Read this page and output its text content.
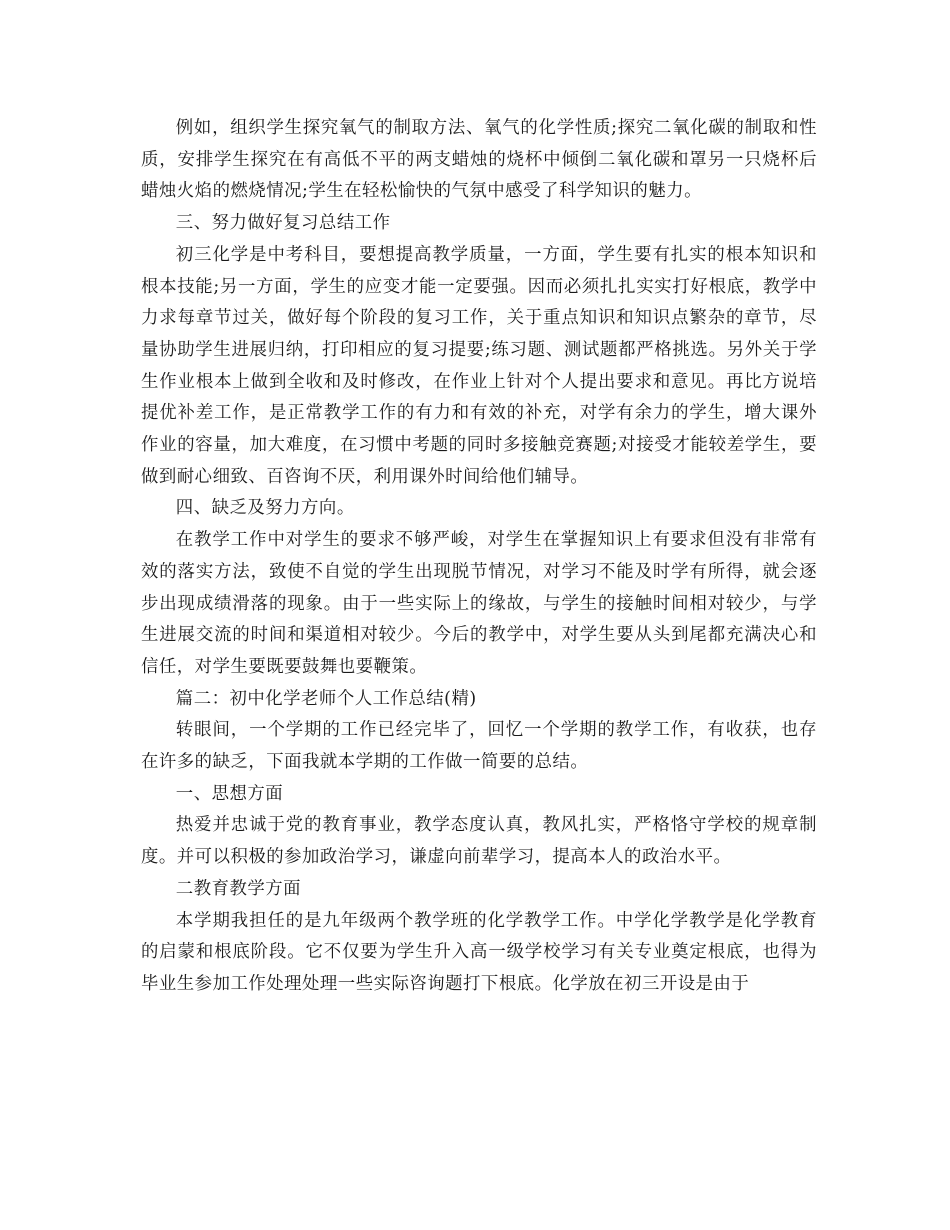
例如，组织学生探究氧气的制取方法、氧气的化学性质;探究二氧化碳的制取和性质，安排学生探究在有高低不平的两支蜡烛的烧杯中倾倒二氧化碳和罩另一只烧杯后蜡烛火焰的燃烧情况;学生在轻松愉快的气氛中感受了科学知识的魅力。

三、努力做好复习总结工作

初三化学是中考科目，要想提高教学质量，一方面，学生要有扎实的根本知识和根本技能;另一方面，学生的应变才能一定要强。因而必须扎扎实实打好根底，教学中力求每章节过关，做好每个阶段的复习工作，关于重点知识和知识点繁杂的章节，尽量协助学生进展归纳，打印相应的复习提要;练习题、测试题都严格挑选。另外关于学生作业根本上做到全收和及时修改，在作业上针对个人提出要求和意见。再比方说培提优补差工作，是正常教学工作的有力和有效的补充，对学有余力的学生，增大课外作业的容量，加大难度，在习惯中考题的同时多接触竞赛题;对接受才能较差学生，要做到耐心细致、百咨询不厌，利用课外时间给他们辅导。

四、缺乏及努力方向。

在教学工作中对学生的要求不够严峻，对学生在掌握知识上有要求但没有非常有效的落实方法，致使不自觉的学生出现脱节情况，对学习不能及时学有所得，就会逐步出现成绩滑落的现象。由于一些实际上的缘故，与学生的接触时间相对较少，与学生进展交流的时间和渠道相对较少。今后的教学中，对学生要从头到尾都充满决心和信任，对学生要既要鼓舞也要鞭策。

篇二：初中化学老师个人工作总结(精)

转眼间，一个学期的工作已经完毕了，回忆一个学期的教学工作，有收获，也存在许多的缺乏，下面我就本学期的工作做一简要的总结。

一、思想方面

热爱并忠诚于党的教育事业，教学态度认真，教风扎实，严格恪守学校的规章制度。并可以积极的参加政治学习，谦虚向前辈学习，提高本人的政治水平。

二教育教学方面

本学期我担任的是九年级两个教学班的化学教学工作。中学化学教学是化学教育的启蒙和根底阶段。它不仅要为学生升入高一级学校学习有关专业奠定根底，也得为毕业生参加工作处理处理一些实际咨询题打下根底。化学放在初三开设是由于
